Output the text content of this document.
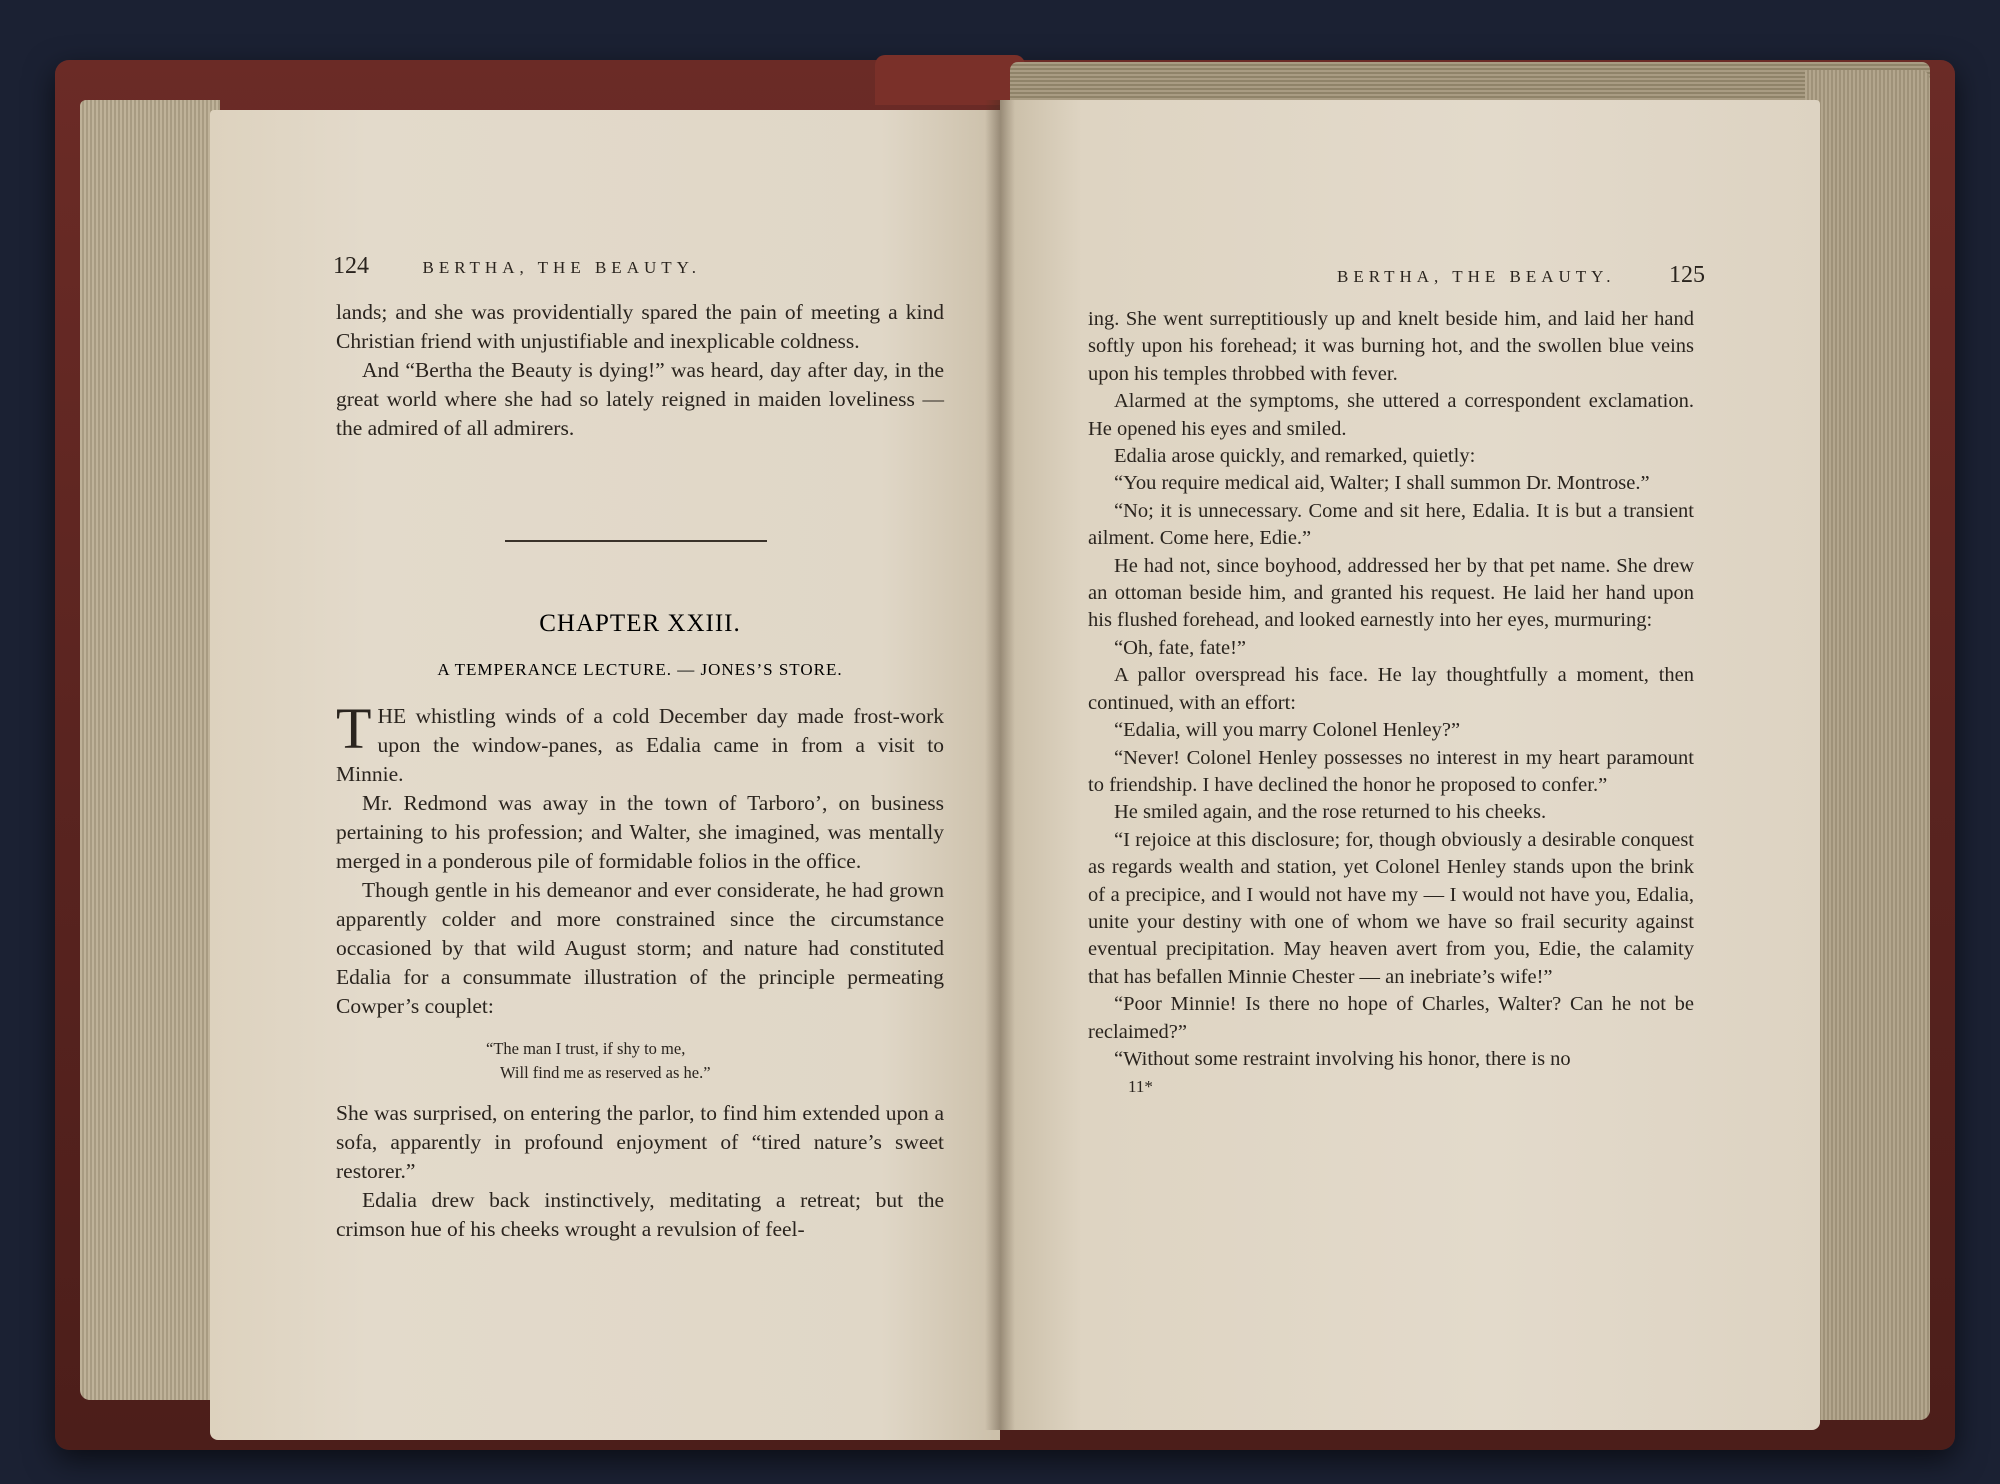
124	BERTHA, THE BEAUTY.

lands; and she was providentially spared the pain of meeting a kind Christian friend with unjustifiable and inexplicable coldness.

And “Bertha the Beauty is dying!” was heard, day after day, in the great world where she had so lately reigned in maiden loveliness — the admired of all admirers.

CHAPTER XXIII.
A TEMPERANCE LECTURE. — JONES’S STORE.

THE whistling winds of a cold December day made frost-work upon the window-panes, as Edalia came in from a visit to Minnie.

Mr. Redmond was away in the town of Tarboro’, on business pertaining to his profession; and Walter, she imagined, was mentally merged in a ponderous pile of formidable folios in the office.

Though gentle in his demeanor and ever considerate, he had grown apparently colder and more constrained since the circumstance occasioned by that wild August storm; and nature had constituted Edalia for a consummate illustration of the principle permeating Cowper’s couplet:

“The man I trust, if shy to me,
Will find me as reserved as he.”

She was surprised, on entering the parlor, to find him extended upon a sofa, apparently in profound enjoyment of “tired nature’s sweet restorer.”

Edalia drew back instinctively, meditating a retreat; but the crimson hue of his cheeks wrought a revulsion of feel-

BERTHA, THE BEAUTY. 125

ing. She went surreptitiously up and knelt beside him, and laid her hand softly upon his forehead; it was burning hot, and the swollen blue veins upon his temples throbbed with fever.

Alarmed at the symptoms, she uttered a correspondent exclamation. He opened his eyes and smiled.

Edalia arose quickly, and remarked, quietly:

“You require medical aid, Walter; I shall summon Dr. Montrose.”

“No; it is unnecessary. Come and sit here, Edalia. It is but a transient ailment. Come here, Edie.”

He had not, since boyhood, addressed her by that pet name. She drew an ottoman beside him, and granted his request. He laid her hand upon his flushed forehead, and looked earnestly into her eyes, murmuring:

“Oh, fate, fate!”

A pallor overspread his face. He lay thoughtfully a moment, then continued, with an effort:

“Edalia, will you marry Colonel Henley?”

“Never! Colonel Henley possesses no interest in my heart paramount to friendship. I have declined the honor he proposed to confer.”

He smiled again, and the rose returned to his cheeks.

“I rejoice at this disclosure; for, though obviously a desirable conquest as regards wealth and station, yet Colonel Henley stands upon the brink of a precipice, and I would not have my — I would not have you, Edalia, unite your destiny with one of whom we have so frail security against eventual precipitation. May heaven avert from you, Edie, the calamity that has befallen Minnie Chester — an inebriate’s wife!”

“Poor Minnie! Is there no hope of Charles, Walter? Can he not be reclaimed?”

“Without some restraint involving his honor, there is no

11*
